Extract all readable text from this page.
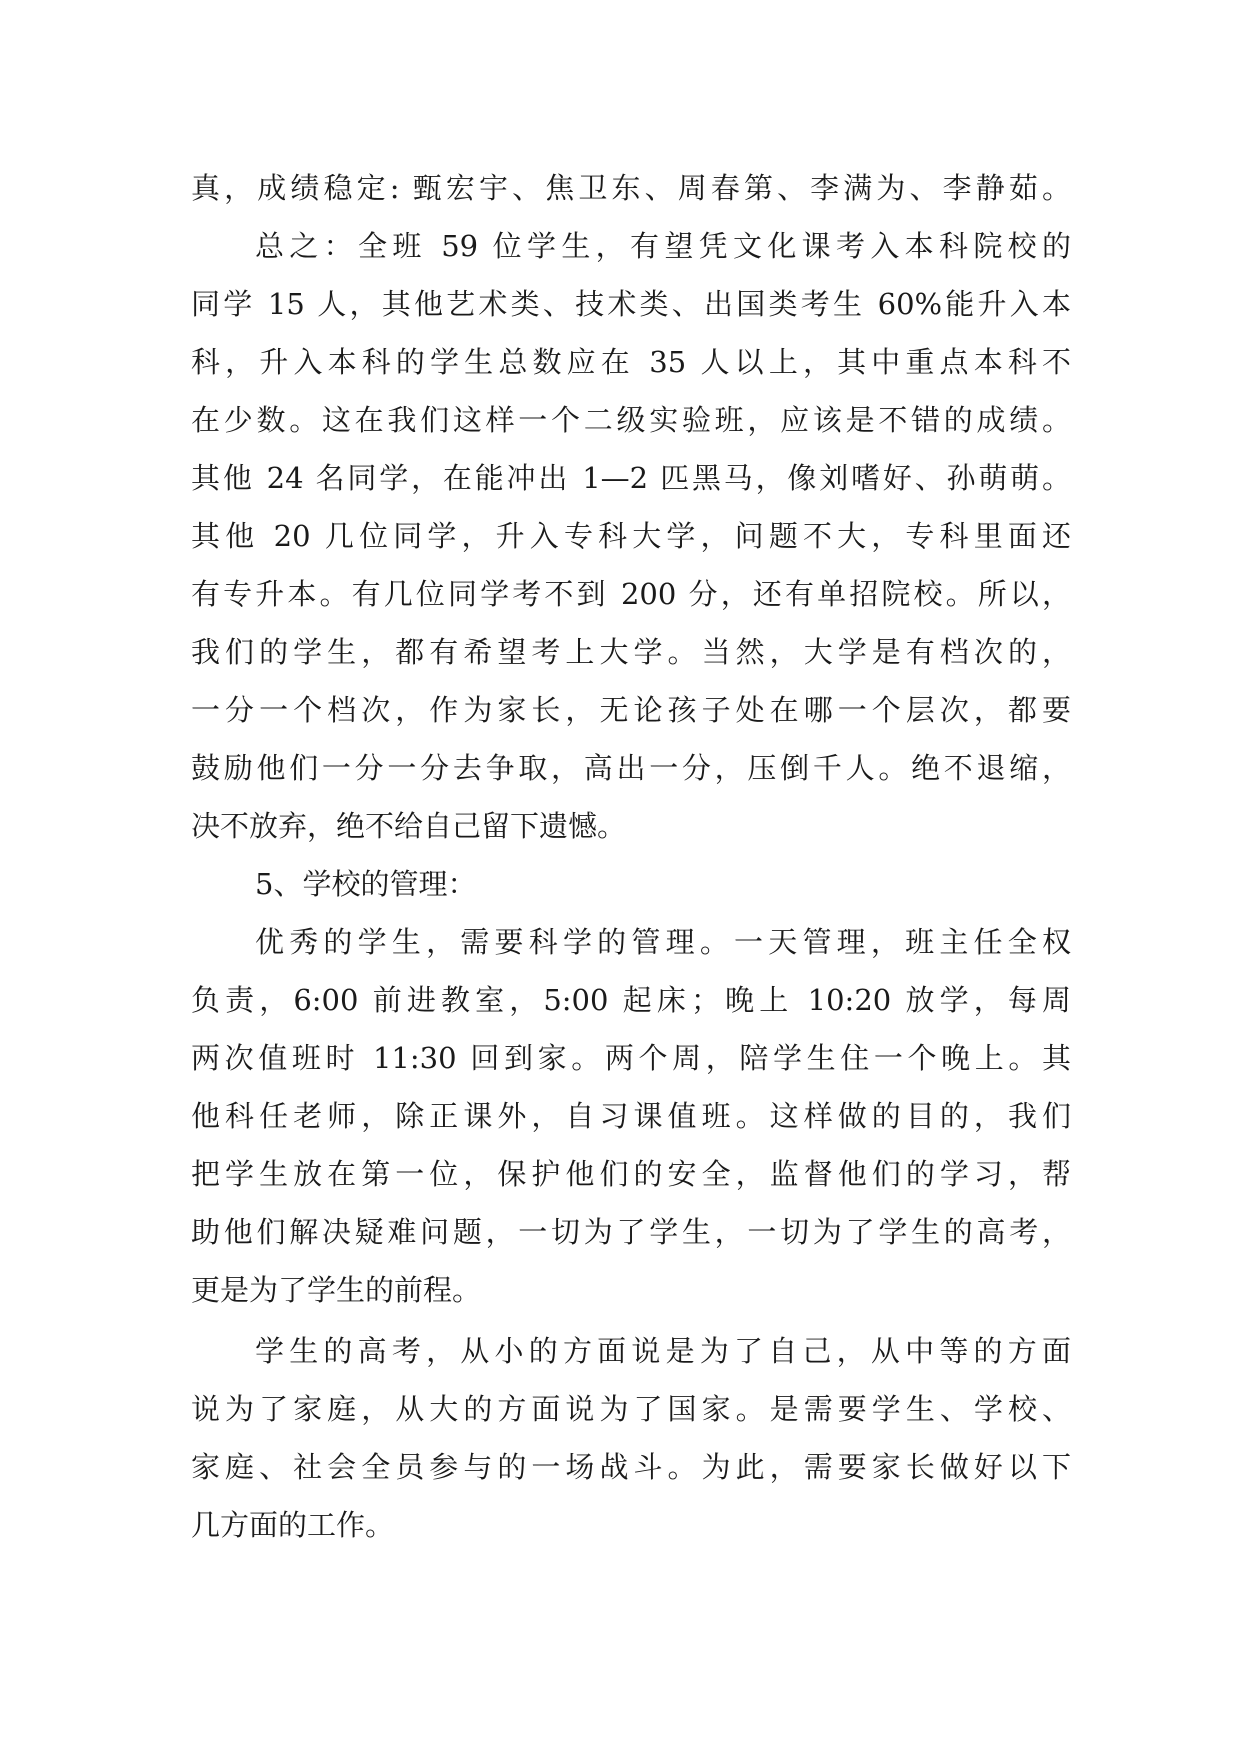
真，成绩稳定: 甄宏宇、焦卫东、周春第、李满为、李静茹。
总之：全班 59 位学生，有望凭文化课考入本科院校的
同学 15 人，其他艺术类、技术类、出国类考生 60%能升入本
科，升入本科的学生总数应在 35 人以上，其中重点本科不
在少数。这在我们这样一个二级实验班，应该是不错的成绩。
其他 24 名同学，在能冲出 1—2 匹黑马，像刘嗜好、孙萌萌。
其他 20 几位同学，升入专科大学，问题不大，专科里面还
有专升本。有几位同学考不到 200 分，还有单招院校。所以，
我们的学生，都有希望考上大学。当然，大学是有档次的，
一分一个档次，作为家长，无论孩子处在哪一个层次，都要
鼓励他们一分一分去争取，高出一分，压倒千人。绝不退缩，
决不放弃，绝不给自己留下遗憾。
5、学校的管理：
优秀的学生，需要科学的管理。一天管理，班主任全权
负责，6:00 前进教室，5:00 起床；晚上 10:20 放学，每周
两次值班时 11:30 回到家。两个周，陪学生住一个晚上。其
他科任老师，除正课外，自习课值班。这样做的目的，我们
把学生放在第一位，保护他们的安全，监督他们的学习，帮
助他们解决疑难问题，一切为了学生，一切为了学生的高考，
更是为了学生的前程。
学生的高考，从小的方面说是为了自己，从中等的方面
说为了家庭，从大的方面说为了国家。是需要学生、学校、
家庭、社会全员参与的一场战斗。为此，需要家长做好以下
几方面的工作。
